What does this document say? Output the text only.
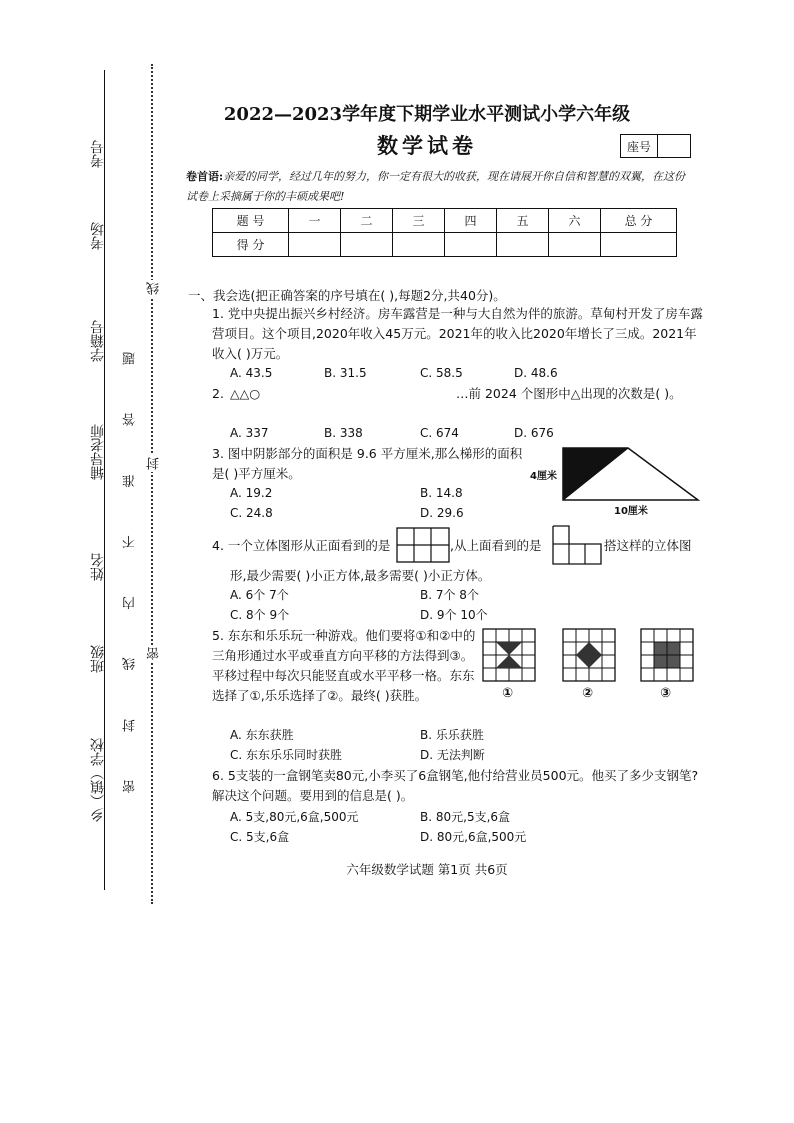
考号
考场
学籍号
辅导老师
姓名
班级
乡（镇）学校 密 封 线 内 不 准 答 题
线
封
密
2022—2023学年度下期学业水平测试小学六年级
数学试卷	座号
卷首语:亲爱的同学，经过几年的努力，你一定有很大的收获，现在请展开你自信和智慧的双翼，在这份试卷上采摘属于你的丰硕成果吧!
题 号	一	二	三	四	五	六	总 分
得 分							
一、我会选(把正确答案的序号填在( ),每题2分,共40分)。
1. 党中央提出振兴乡村经济。房车露营是一种与大自然为伴的旅游。草甸村开发了房车露营项目。这个项目,2020年收入45万元。2021年的收入比2020年增长了三成。2021年收入( )万元。
A. 43.5	B. 31.5	C. 58.5	D. 48.6
2. △△○	…前 2024 个图形中△出现的次数是( )。
A. 337	B. 338	C. 674	D. 676
3. 图中阴影部分的面积是 9.6 平方厘米,那么梯形的面积是( )平方厘米。
A. 19.2	B. 14.8
C. 24.8	D. 29.6
4厘米
10厘米
4. 一个立体图形从正面看到的是	,从上面看到的是	搭这样的立体图
形,最少需要( )小正方体,最多需要( )小正方体。
A. 6个 7个	B. 7个 8个
C. 8个 9个	D. 9个 10个
5. 东东和乐乐玩一种游戏。他们要将①和②中的三角形通过水平或垂直方向平移的方法得到③。平移过程中每次只能竖直或水平平移一格。东东选择了①,乐乐选择了②。最终( )获胜。	①	②	③
A. 东东获胜	B. 乐乐获胜
C. 东东乐乐同时获胜	D. 无法判断
6. 5支装的一盒钢笔卖80元,小李买了6盒钢笔,他付给营业员500元。他买了多少支钢笔? 解决这个问题。要用到的信息是( )。
A. 5支,80元,6盒,500元	B. 80元,5支,6盒
C. 5支,6盒	D. 80元,6盒,500元
六年级数学试题 第1页 共6页
